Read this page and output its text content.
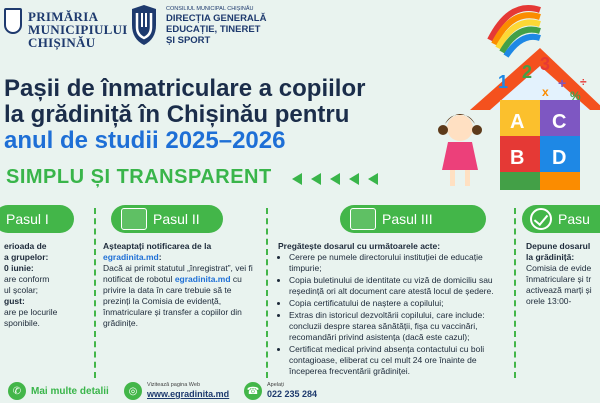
PRIMĂRIA
MUNICIPIULUI
CHIȘINĂU
CONSILIUL MUNICIPAL CHIȘINĂU
DIRECȚIA GENERALĂ
EDUCAȚIE, TINERET
ȘI SPORT
Pașii de înmatriculare a copiilor
la grădiniță în Chișinău pentru
anul de studii 2025–2026
SIMPLU ȘI TRANSPARENT
1 2 3
+
x %
÷
A C
B D
Pasul I
erioada de
a grupelor:
0 iunie:
are conform
ul școlar;
gust:
are pe locurile
sponibile.
Pasul II
Așteaptați notificarea de la egradinita.md:
Dacă ai primit statutul „înregistrat”, vei fi notificat de robotul egradinita.md cu privire la data în care trebuie să te prezinți la Comisia de evidență, înmatriculare și transfer a copiilor din grădinițe.
Pasul III
Pregătește dosarul cu următoarele acte:
• Cerere pe numele directorului instituției de educație timpurie;
• Copia buletinului de identitate cu viză de domiciliu sau reședință ori alt document care atestă locul de ședere.
• Copia certificatului de naștere a copilului;
• Extras din istoricul dezvoltării copilului, care include: concluzii despre starea sănătății, fișa cu vaccinări, recomandări privind asistența (dacă este cazul);
• Certificat medical privind absența contactului cu boli contagioase, eliberat cu cel mult 24 ore înainte de începerea frecventării grădiniței.
Pasu
Depune dosarul
la grădiniță:
Comisia de evide
înmatriculare și tr
activează marți și
orele 13:00-
✆ Mai multe detalii	◎
Vizitează pagina Web
www.egradinita.md ☎
Apelați
022 235 284
